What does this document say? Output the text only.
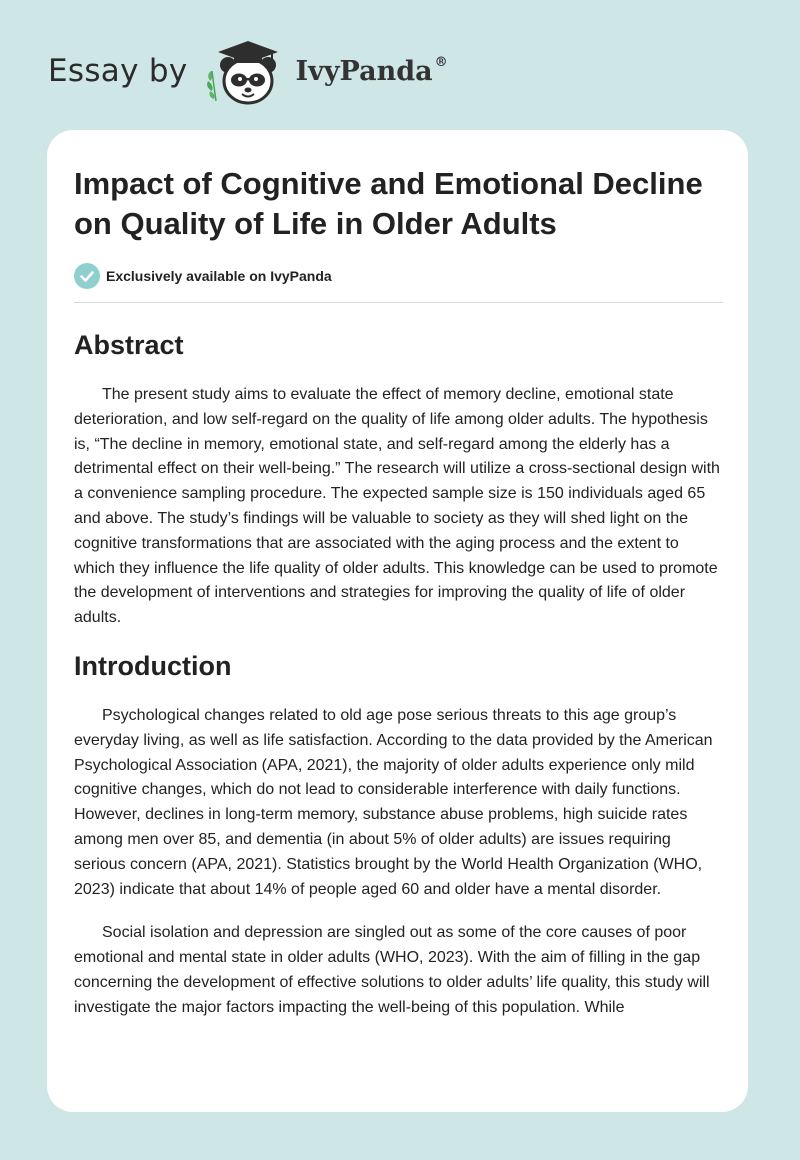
Essay by	IvyPanda ®
Impact of Cognitive and Emotional Decline on Quality of Life in Older Adults
Exclusively available on IvyPanda
Abstract

The present study aims to evaluate the effect of memory decline, emotional state deterioration, and low self-regard on the quality of life among older adults. The hypothesis is, “The decline in memory, emotional state, and self-regard among the elderly has a detrimental effect on their well-being.” The research will utilize a cross-sectional design with a convenience sampling procedure. The expected sample size is 150 individuals aged 65 and above. The study’s findings will be valuable to society as they will shed light on the cognitive transformations that are associated with the aging process and the extent to which they influence the life quality of older adults. This knowledge can be used to promote the development of interventions and strategies for improving the quality of life of older adults.

Introduction

Psychological changes related to old age pose serious threats to this age group’s everyday living, as well as life satisfaction. According to the data provided by the American Psychological Association (APA, 2021), the majority of older adults experience only mild cognitive changes, which do not lead to considerable interference with daily functions. However, declines in long-term memory, substance abuse problems, high suicide rates among men over 85, and dementia (in about 5% of older adults) are issues requiring serious concern (APA, 2021). Statistics brought by the World Health Organization (WHO, 2023) indicate that about 14% of people aged 60 and older have a mental disorder.

Social isolation and depression are singled out as some of the core causes of poor emotional and mental state in older adults (WHO, 2023). With the aim of filling in the gap concerning the development of effective solutions to older adults’ life quality, this study will investigate the major factors impacting the well-being of this population. While
